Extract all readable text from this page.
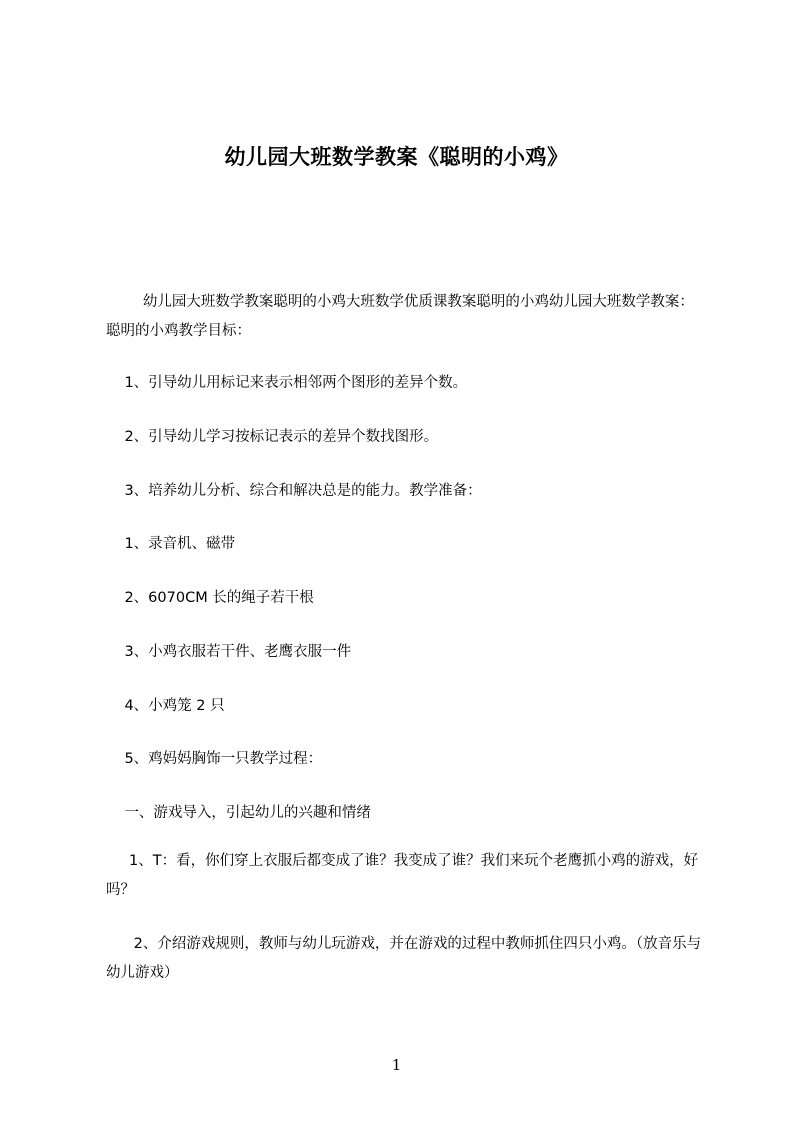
幼儿园大班数学教案《聪明的小鸡》

幼儿园大班数学教案聪明的小鸡大班数学优质课教案聪明的小鸡幼儿园大班数学教案：聪明的小鸡教学目标：

1、引导幼儿用标记来表示相邻两个图形的差异个数。

2、引导幼儿学习按标记表示的差异个数找图形。

3、培养幼儿分析、综合和解决总是的能力。教学准备：

1、录音机、磁带

2、6070CM 长的绳子若干根

3、小鸡衣服若干件、老鹰衣服一件

4、小鸡笼 2 只

5、鸡妈妈胸饰一只教学过程：

一、游戏导入，引起幼儿的兴趣和情绪

1、T：看，你们穿上衣服后都变成了谁？我变成了谁？我们来玩个老鹰抓小鸡的游戏，好吗？

2、介绍游戏规则，教师与幼儿玩游戏，并在游戏的过程中教师抓住四只小鸡。（放音乐与幼儿游戏）

1
